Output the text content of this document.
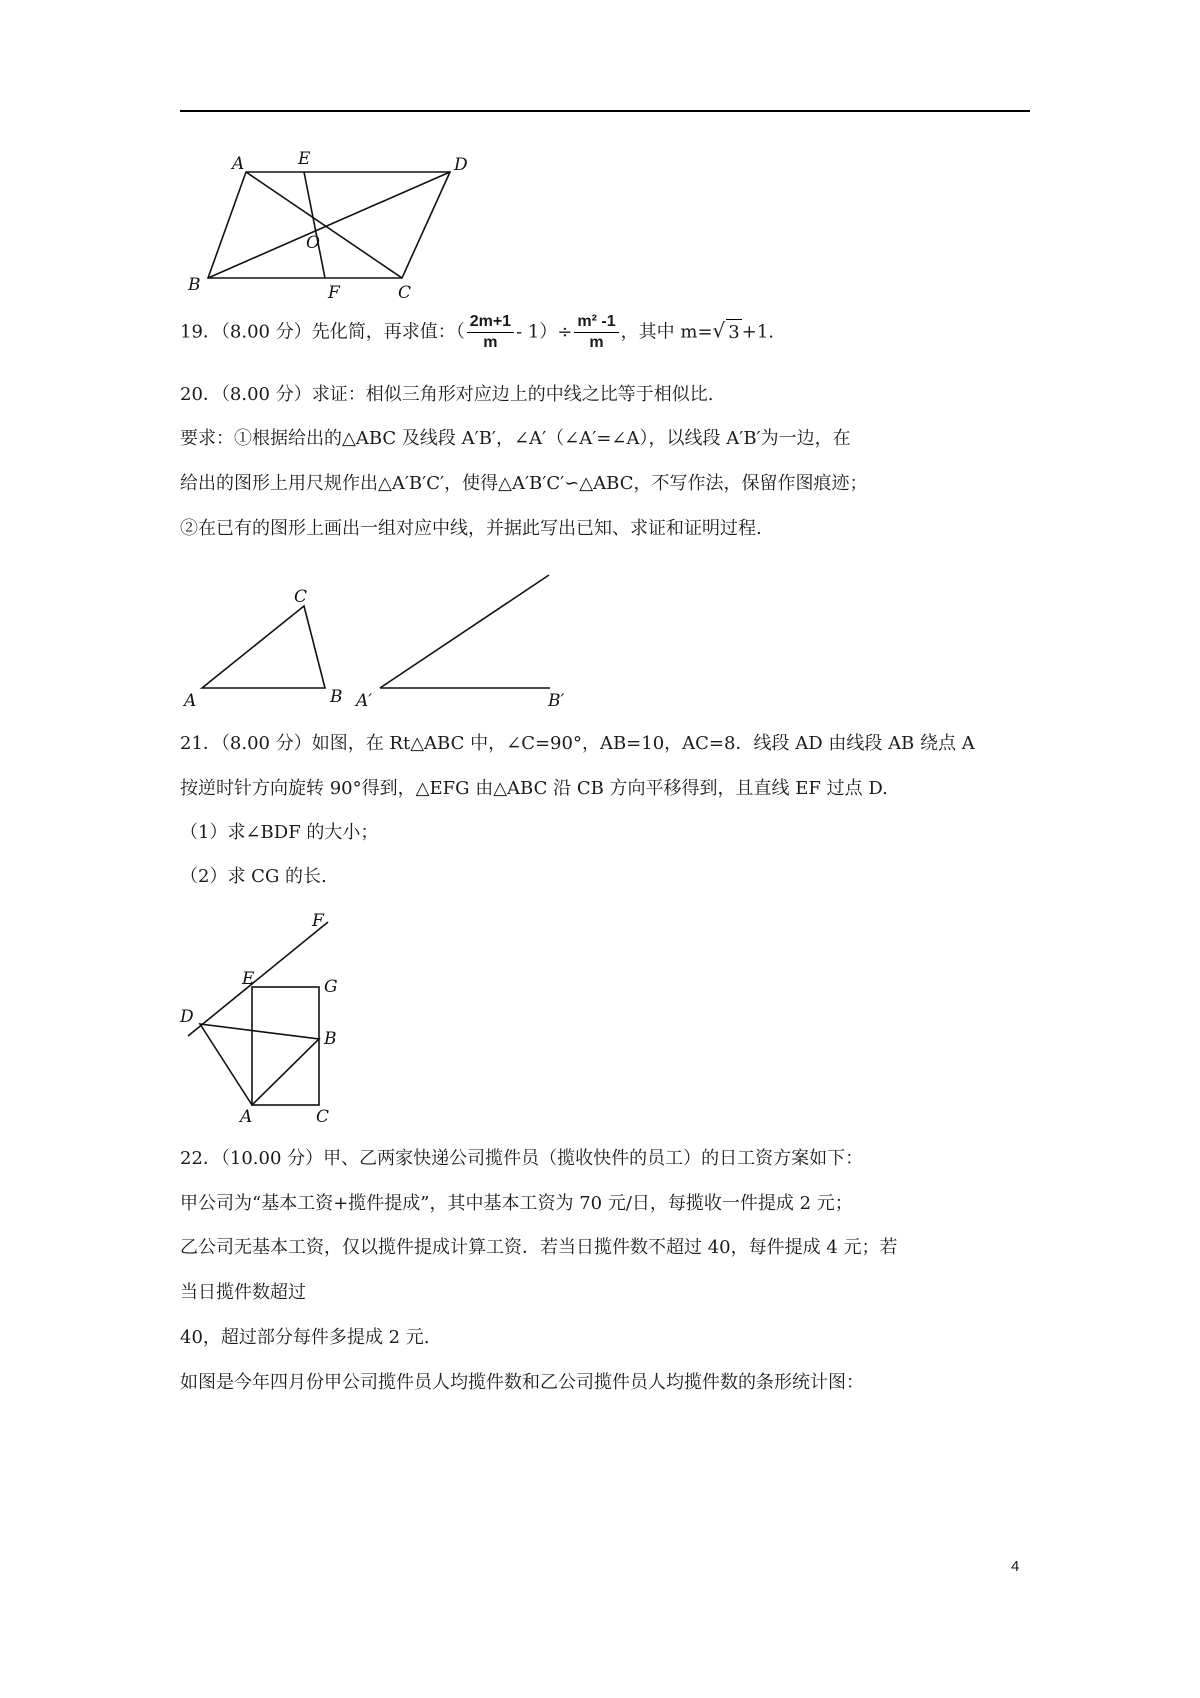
A	E	D
O
B	F	C
19．（8.00 分）先化简，再求值：（ $\frac{2m+1}{m} - 1)\div \frac{\text{m² -1}}{m}$ ，其中 m=√ 3 +1.
20．（8.00 分）求证：相似三角形对应边上的中线之比等于相似比.
要求：①根据给出的△ABC 及线段 A′B′，∠A′（∠A′=∠A），以线段 A′B′为一边，在
给出的图形上用尺规作出△A′B′C′，使得△A′B′C′∽△ABC，不写作法，保留作图痕迹；
②在已有的图形上画出一组对应中线，并据此写出已知、求证和证明过程.
A
C
B A′	B′
21．（8.00 分）如图，在 Rt△ABC 中，∠C=90°，AB=10，AC=8．线段 AD 由线段 AB 绕点 A
按逆时针方向旋转 90°得到，△EFG 由△ABC 沿 CB 方向平移得到，且直线 EF 过点 D.
（1）求∠BDF 的大小；
（2）求 CG 的长.
F
E	G
D
B
A	C
22．（10.00 分）甲、乙两家快递公司揽件员（揽收快件的员工）的日工资方案如下：
甲公司为“基本工资+揽件提成”，其中基本工资为 70 元/日，每揽收一件提成 2 元；
乙公司无基本工资，仅以揽件提成计算工资．若当日揽件数不超过 40，每件提成 4 元；若
当日揽件数超过
40，超过部分每件多提成 2 元.
如图是今年四月份甲公司揽件员人均揽件数和乙公司揽件员人均揽件数的条形统计图：
4
